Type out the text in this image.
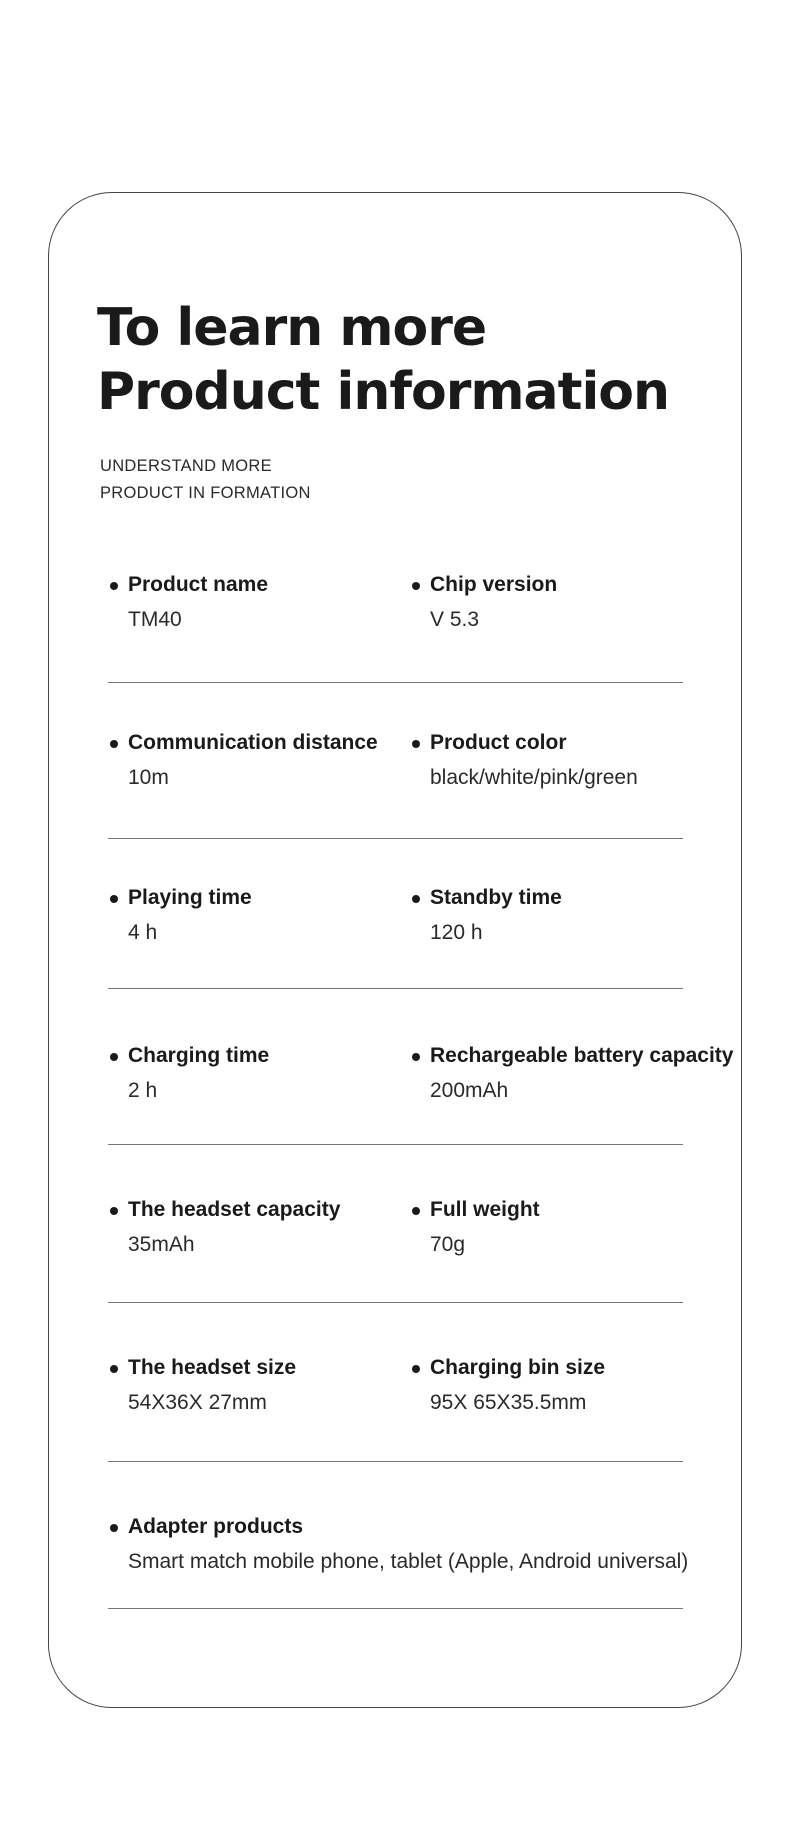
To learn more
Product information
UNDERSTAND MORE
PRODUCT IN FORMATION
Product name
TM40
Chip version
V 5.3
Communication distance
10m
Product color
black/white/pink/green
Playing time
4 h
Standby time
120 h
Charging time
2 h
Rechargeable battery capacity
200mAh
The headset capacity
35mAh
Full weight
70g
The headset size
54X36X 27mm
Charging bin size
95X 65X35.5mm
Adapter products
Smart match mobile phone, tablet (Apple, Android universal)
